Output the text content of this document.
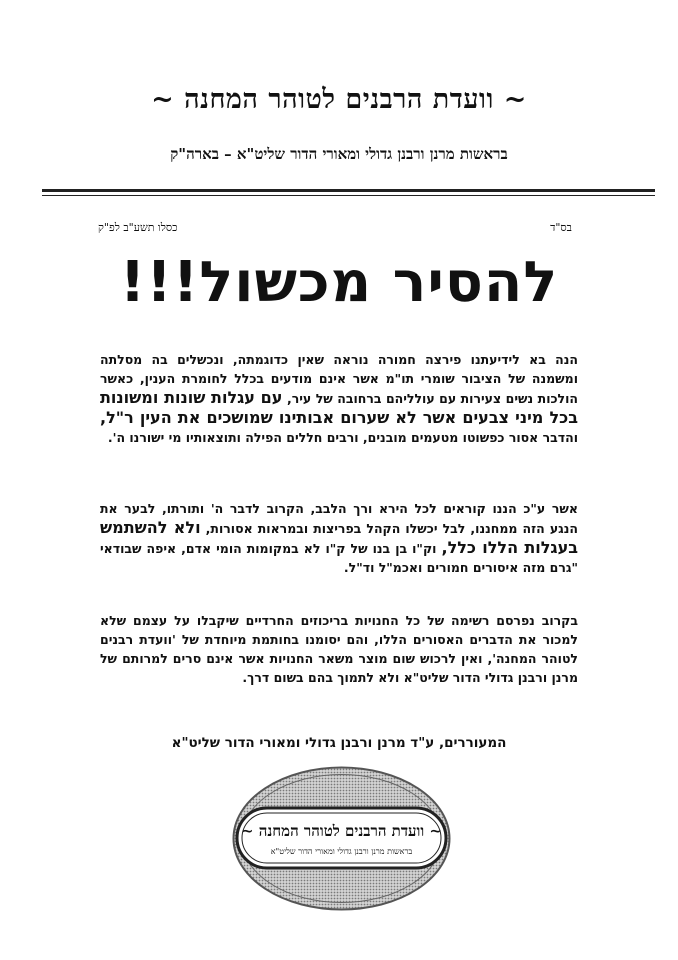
~ וועדת הרבנים לטוהר המחנה ~
בראשות מרנן ורבנן גדולי ומאורי הדור שליט"א – בארה"ק
בס"ד
כסלו תשע"ב לפ"ק
להסיר מכשול!!!
הנה בא לידיעתנו פירצה חמורה נוראה שאין כדוגמתה, ונכשלים בה מסלתה ומשמנה של הציבור שומרי תו"מ אשר אינם מודעים בכלל לחומרת הענין, כאשר הולכות נשים צעירות עם עולליהם ברחובה של עיר, עם עגלות שונות ומשונות בכל מיני צבעים אשר לא שערום אבותינו שמושכים את העין ר"ל, והדבר אסור כפשוטו מטעמים מובנים, ורבים חללים הפילה ותוצאותיו מי ישורנו ה'.
אשר ע"כ הננו קוראים לכל הירא ורך הלבב, הקרוב לדבר ה' ותורתו, לבער את הנגע הזה ממחננו, לבל יכשלו הקהל בפריצות ובמראות אסורות, ולא להשתמש בעגלות הללו כלל, וק"ו בן בנו של ק"ו לא במקומות הומי אדם, איפה שבודאי "גרם מזה איסורים חמורים ואכמ"ל וד"ל.
בקרוב נפרסם רשימה של כל החנויות בריכוזים החרדיים שיקבלו על עצמם שלא למכור את הדברים האסורים הללו, והם יסומנו בחותמת מיוחדת של 'וועדת רבנים לטוהר המחנה', ואין לרכוש שום מוצר משאר החנויות אשר אינם סרים למרותם של מרנן ורבנן גדולי הדור שליט"א ולא לתמוך בהם בשום דרך.
המעוררים, ע"ד מרנן ורבנן גדולי ומאורי הדור שליט"א
~ וועדת הרבנים לטוהר המחנה ~
בראשות מרנן ורבנן גדולי ומאורי הדור שליט"א
